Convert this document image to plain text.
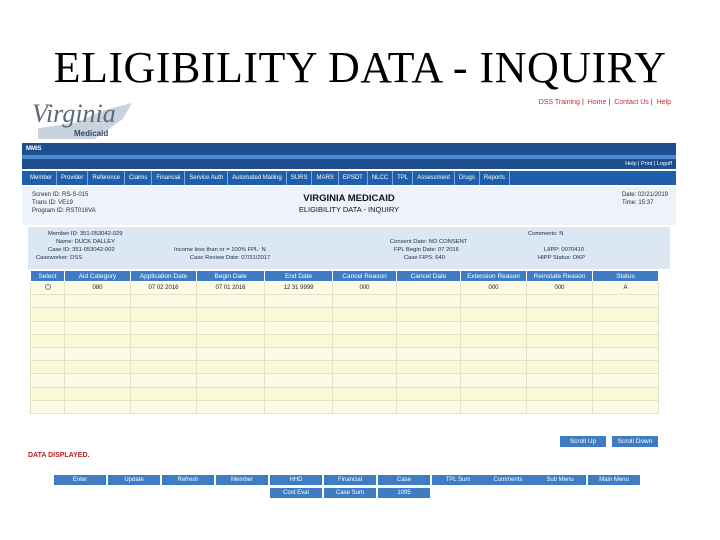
ELIGIBILITY DATA - INQUIRY
Virginia
Medicaid
DSS Training | Home | Contact Us | Help
MMIS
Help | Print | Logoff
Member	Provider	Reference	Claims	Financial	Service Auth	Automated Mailing	SURS	MARS	EPSDT	NLCC	TPL	Assessment	Drugs	Reports
Screen ID: RS-S-015
Trans ID: VE19
Program ID: RST016VA
VIRGINIA MEDICAID
ELIGIBILITY DATA - INQUIRY
Date: 02/21/2019
Time: 15:37
Member ID: 351-053042-029
Name: DUCK DALLEY
Case ID: 351-053042-002
Caseworker: DSS
Income less than or = 100% FPL: N
Case Review Date: 07/31/2017
Comments: N
Consent Date: NO CONSENT
FPL Begin Date: 07 2016
Case FIPS: 640
LIIPP: 0070410
HIPP Status: OKP
Select	Aid Category	Application Date	Begin Date	End Date	Cancel Reason	Cancel Date	Extension Reason	Reinstate Reason	Status
	080	07 02 2016	07 01 2016	12 31 9999	000		000	000	A

Scroll Up	Scroll Down
DATA DISPLAYED.
Enter	Update	Refresh	Member	HHD	Financial	Case	TPL Sum	Comments	Sub Menu	Main Menu
Cost Eval	Case Sum	1095
